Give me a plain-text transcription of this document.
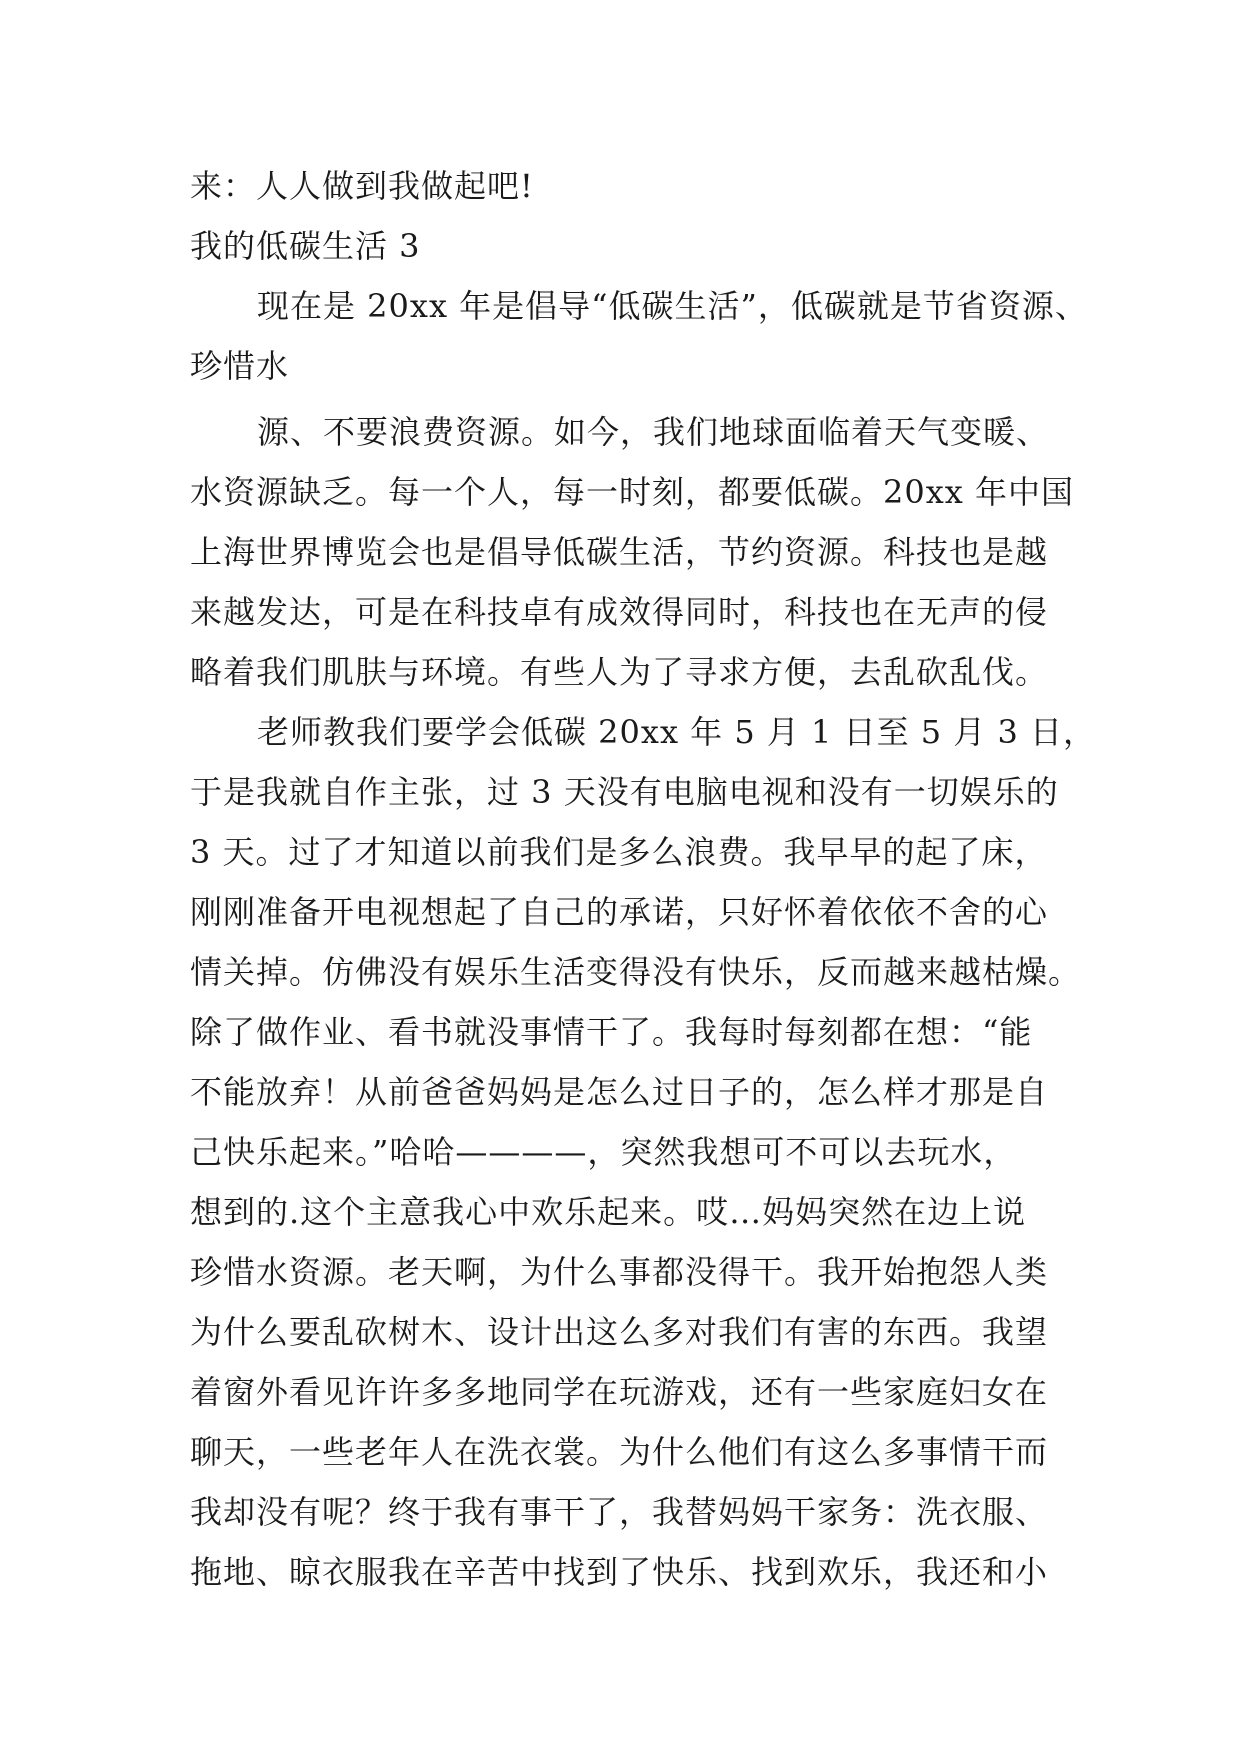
来：人人做到我做起吧!
我的低碳生活 3
现在是 20xx 年是倡导“低碳生活”，低碳就是节省资源、
珍惜水
源、不要浪费资源。如今，我们地球面临着天气变暖、
水资源缺乏。每一个人，每一时刻，都要低碳。20xx 年中国
上海世界博览会也是倡导低碳生活，节约资源。科技也是越
来越发达，可是在科技卓有成效得同时，科技也在无声的侵
略着我们肌肤与环境。有些人为了寻求方便，去乱砍乱伐。
老师教我们要学会低碳 20xx 年 5 月 1 日至 5 月 3 日，
于是我就自作主张，过 3 天没有电脑电视和没有一切娱乐的
3 天。过了才知道以前我们是多么浪费。我早早的起了床，
刚刚准备开电视想起了自己的承诺，只好怀着依依不舍的心
情关掉。仿佛没有娱乐生活变得没有快乐，反而越来越枯燥。
除了做作业、看书就没事情干了。我每时每刻都在想：“能
不能放弃！从前爸爸妈妈是怎么过日子的，怎么样才那是自
己快乐起来。”哈哈————，突然我想可不可以去玩水，
想到的.这个主意我心中欢乐起来。哎…妈妈突然在边上说
珍惜水资源。老天啊，为什么事都没得干。我开始抱怨人类
为什么要乱砍树木、设计出这么多对我们有害的东西。我望
着窗外看见许许多多地同学在玩游戏，还有一些家庭妇女在
聊天，一些老年人在洗衣裳。为什么他们有这么多事情干而
我却没有呢？终于我有事干了，我替妈妈干家务：洗衣服、
拖地、晾衣服我在辛苦中找到了快乐、找到欢乐，我还和小
